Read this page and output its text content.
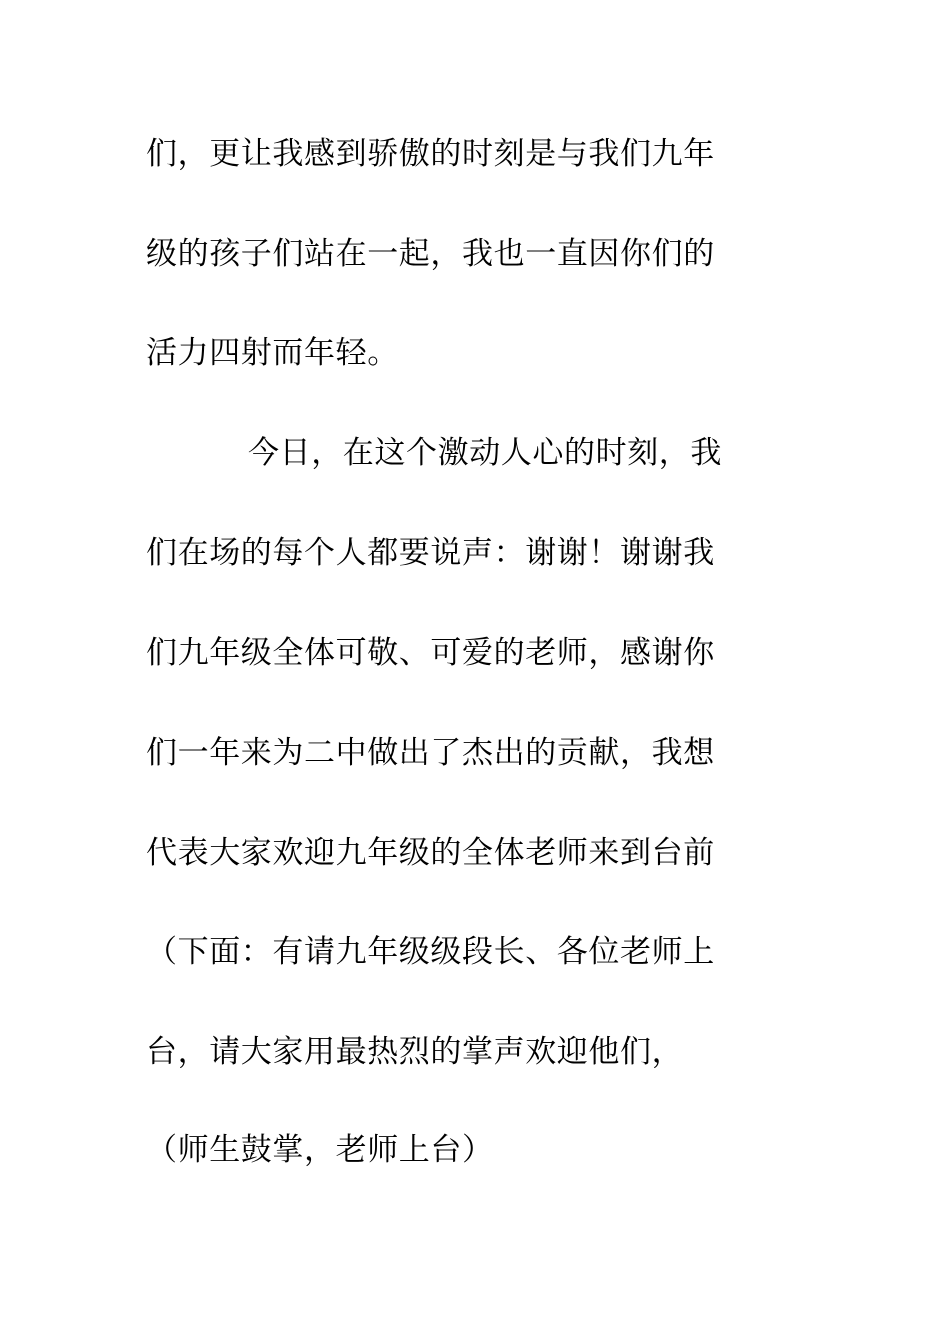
们，更让我感到骄傲的时刻是与我们九年
级的孩子们站在一起，我也一直因你们的
活力四射而年轻。
今日，在这个激动人心的时刻，我
们在场的每个人都要说声：谢谢！谢谢我
们九年级全体可敬、可爱的老师，感谢你
们一年来为二中做出了杰出的贡献，我想
代表大家欢迎九年级的全体老师来到台前
（下面：有请九年级级段长、各位老师上
台，请大家用最热烈的掌声欢迎他们，
（师生鼓掌，老师上台）
